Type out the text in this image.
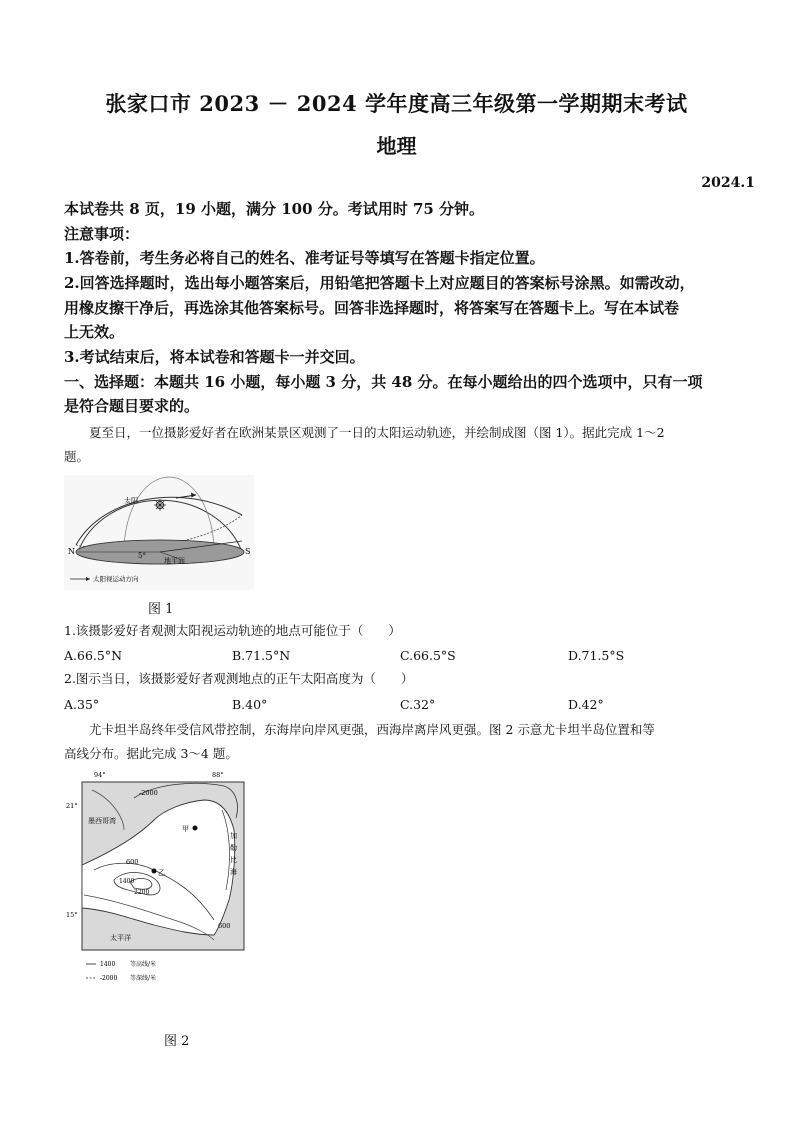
张家口市 2023 － 2024 学年度高三年级第一学期期末考试
地理
2024.1
本试卷共 8 页，19 小题，满分 100 分。考试用时 75 分钟。
注意事项：
1.答卷前，考生务必将自己的姓名、准考证号等填写在答题卡指定位置。
2.回答选择题时，选出每小题答案后，用铅笔把答题卡上对应题目的答案标号涂黑。如需改动，
用橡皮擦干净后，再选涂其他答案标号。回答非选择题时，将答案写在答题卡上。写在本试卷
上无效。
3.考试结束后，将本试卷和答题卡一并交回。
一、选择题：本题共 16 小题，每小题 3 分，共 48 分。在每小题给出的四个选项中，只有一项
是符合题目要求的。
夏至日，一位摄影爱好者在欧洲某景区观测了一日的太阳运动轨迹，并绘制成图（图 1）。据此完成 1～2
题。
太阳
N	S
5°
地平面
太阳视运动方向
图 1
1.该摄影爱好者观测太阳视运动轨迹的地点可能位于（　　）
A.66.5°N	B.71.5°N	C.66.5°S	D.71.5°S
2.图示当日，该摄影爱好者观测地点的正午太阳高度为（　　）
A.35°	B.40°	C.32°	D.42°
尤卡坦半岛终年受信风带控制，东海岸向岸风更强，西海岸离岸风更强。图 2 示意尤卡坦半岛位置和等
高线分布。据此完成 3～4 题。
94°	88°
21°
15°
墨西哥湾
甲
乙
加
勒
比
海
太平洋
-2000
600
1400
2200
600
1400 等高线/米
-2000 等深线/米
图 2
